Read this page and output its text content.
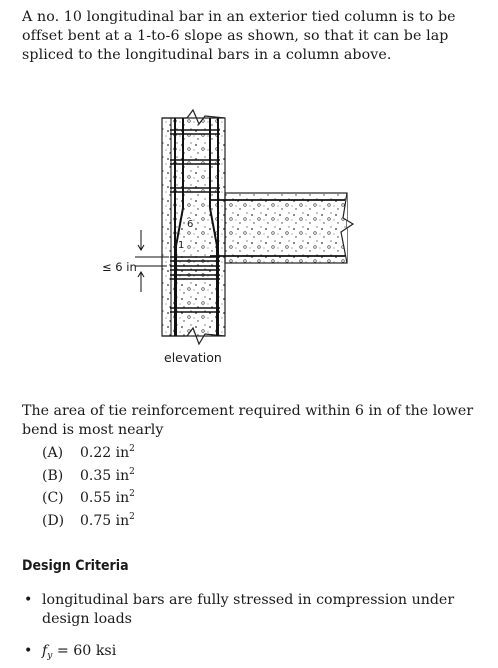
A no. 10 longitudinal bar in an exterior tied column is to be offset bent at a 1-to-6 slope as shown, so that it can be lap spliced to the longitudinal bars in a column above.

6
1
≤ 6 in
elevation

The area of tie reinforcement required within 6 in of the lower bend is most nearly

(A) 0.22 $in^2$
(B) 0.35 $in^2$
(C) 0.55 $in^2$
(D) 0.75 $in^2$
Design Criteria
• longitudinal bars are fully stressed in compression under design loads
• $f_y = 60$ ksi
